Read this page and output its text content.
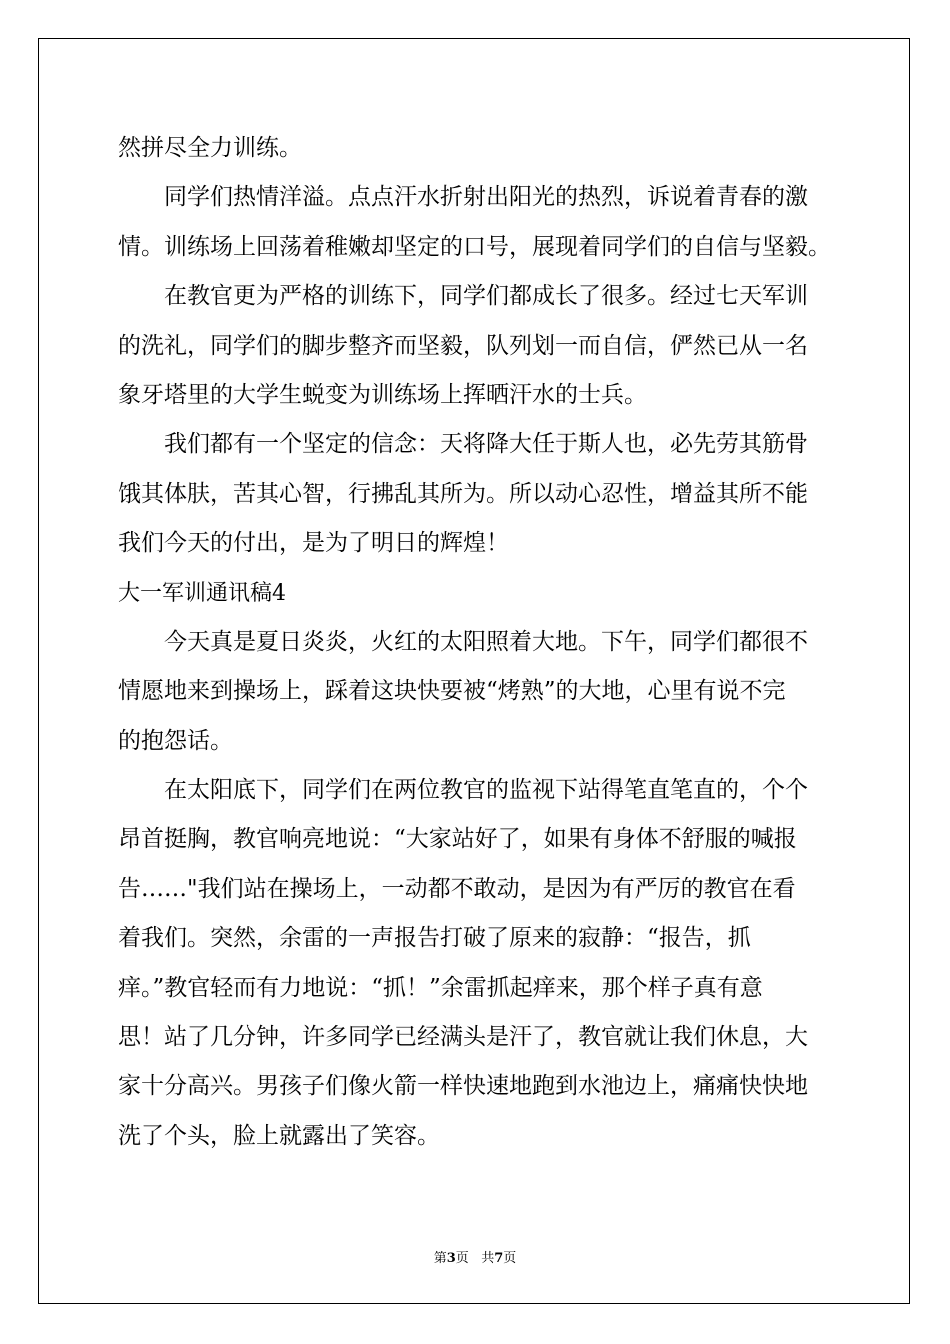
然拼尽全力训练。
同学们热情洋溢。点点汗水折射出阳光的热烈，诉说着青春的激
情。训练场上回荡着稚嫩却坚定的口号，展现着同学们的自信与坚毅。
在教官更为严格的训练下，同学们都成长了很多。经过七天军训
的洗礼，同学们的脚步整齐而坚毅，队列划一而自信，俨然已从一名
象牙塔里的大学生蜕变为训练场上挥晒汗水的士兵。
我们都有一个坚定的信念：天将降大任于斯人也，必先劳其筋骨
饿其体肤，苦其心智，行拂乱其所为。所以动心忍性，增益其所不能
我们今天的付出，是为了明日的辉煌！
大一军训通讯稿4
今天真是夏日炎炎，火红的太阳照着大地。下午，同学们都很不
情愿地来到操场上，踩着这块快要被“烤熟”的大地，心里有说不完
的抱怨话。
在太阳底下，同学们在两位教官的监视下站得笔直笔直的，个个
昂首挺胸，教官响亮地说：“大家站好了，如果有身体不舒服的喊报
告……"我们站在操场上，一动都不敢动，是因为有严厉的教官在看
着我们。突然，余雷的一声报告打破了原来的寂静：“报告，抓
痒。”教官轻而有力地说：“抓！”余雷抓起痒来，那个样子真有意
思！站了几分钟，许多同学已经满头是汗了，教官就让我们休息，大
家十分高兴。男孩子们像火箭一样快速地跑到水池边上，痛痛快快地
洗了个头，脸上就露出了笑容。
第3页   共7页
